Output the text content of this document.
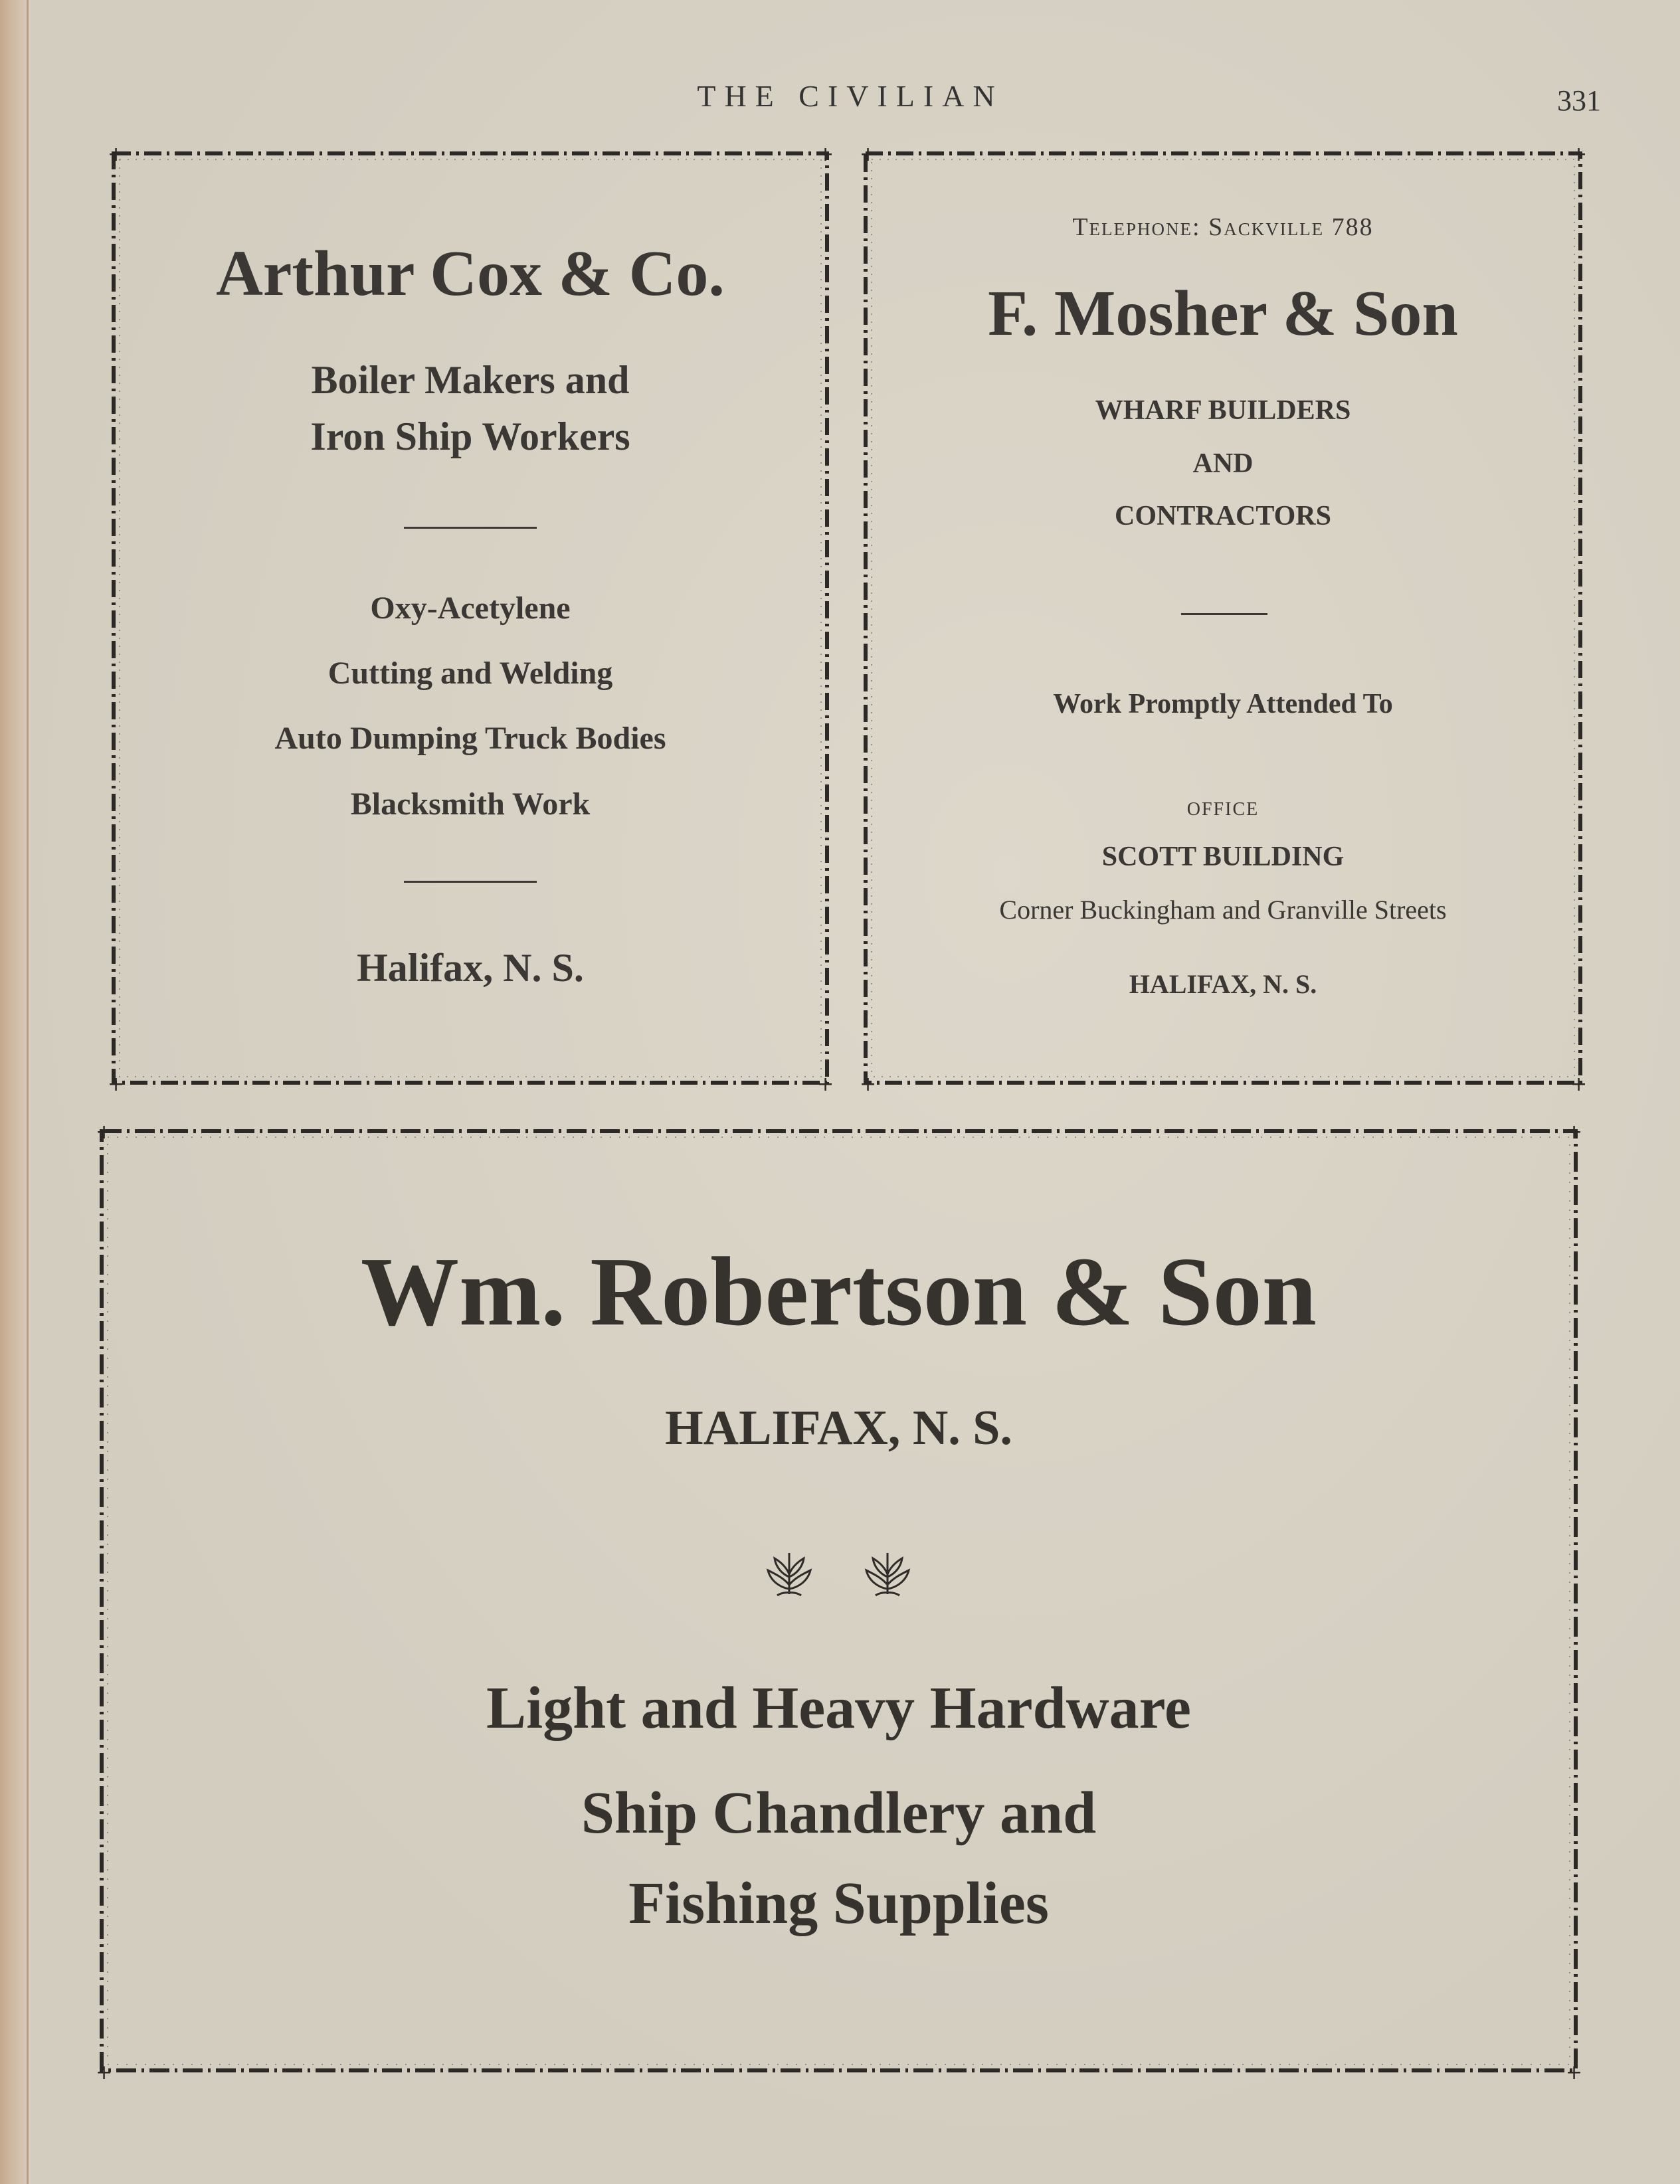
THE CIVILIAN	331
+	+
+	+
Arthur Cox & Co.
Boiler Makers and
Iron Ship Workers
Oxy-Acetylene
Cutting and Welding
Auto Dumping Truck Bodies
Blacksmith Work
Halifax, N. S.
+	+
+	+
Telephone: Sackville 788
F. Mosher & Son
WHARF BUILDERS
AND
CONTRACTORS
Work Promptly Attended To
OFFICE
SCOTT BUILDING
Corner Buckingham and Granville Streets
HALIFAX, N. S.
+	+
+	+
Wm. Robertson & Son
HALIFAX, N. S.
Light and Heavy Hardware
Ship Chandlery and
Fishing Supplies
